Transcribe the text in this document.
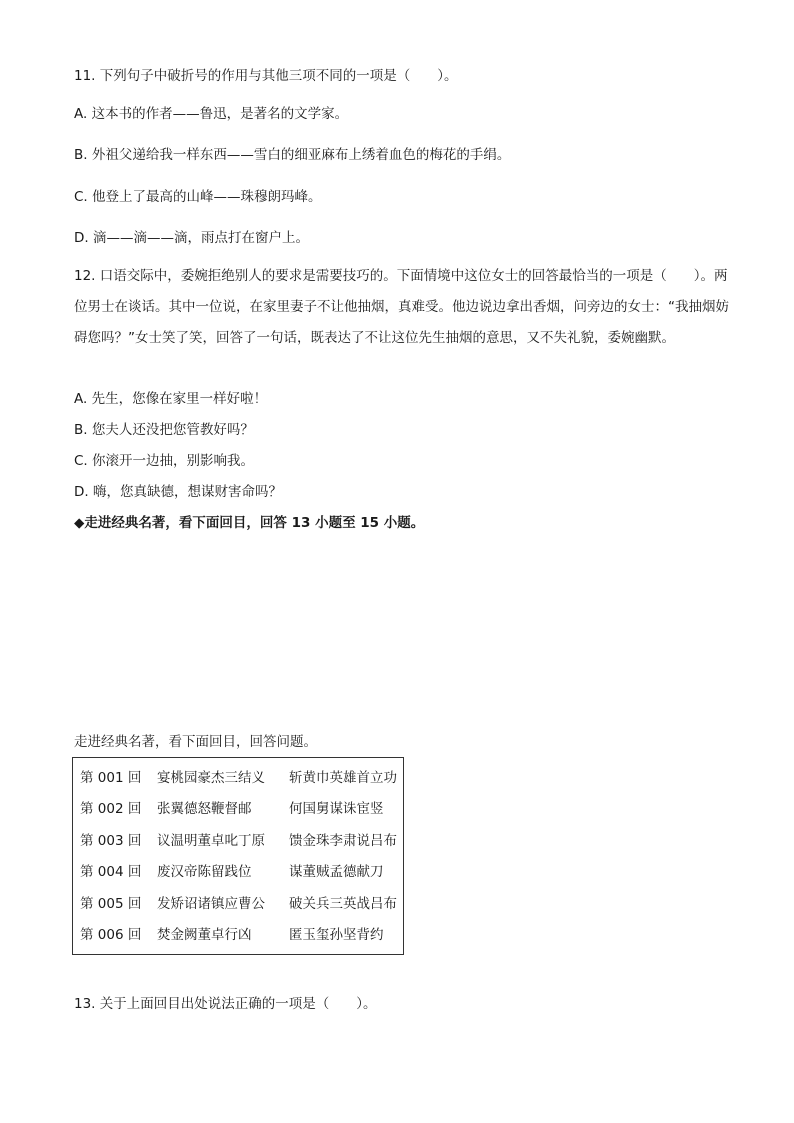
11. 下列句子中破折号的作用与其他三项不同的一项是（　　）。
A. 这本书的作者——鲁迅，是著名的文学家。
B. 外祖父递给我一样东西——雪白的细亚麻布上绣着血色的梅花的手绢。
C. 他登上了最高的山峰——珠穆朗玛峰。
D. 滴——滴——滴，雨点打在窗户上。
12. 口语交际中，委婉拒绝别人的要求是需要技巧的。下面情境中这位女士的回答最恰当的一项是（　　）。两位男士在谈话。其中一位说，在家里妻子不让他抽烟，真难受。他边说边拿出香烟，问旁边的女士：“我抽烟妨碍您吗？”女士笑了笑，回答了一句话，既表达了不让这位先生抽烟的意思，又不失礼貌，委婉幽默。
A. 先生，您像在家里一样好啦！
B. 您夫人还没把您管教好吗？
C. 你滚开一边抽，别影响我。
D. 嗨，您真缺德，想谋财害命吗？
◆走进经典名著，看下面回目，回答 13 小题至 15 小题。
走进经典名著，看下面回目，回答问题。
第 001 回 宴桃园豪杰三结义 斩黄巾英雄首立功
第 002 回 张翼德怒鞭督邮	何国舅谋诛宦竖
第 003 回 议温明董卓叱丁原 馈金珠李肃说吕布
第 004 回 废汉帝陈留践位	谋董贼孟德献刀
第 005 回 发矫诏诸镇应曹公 破关兵三英战吕布
第 006 回 焚金阙董卓行凶	匿玉玺孙坚背约
13. 关于上面回目出处说法正确的一项是（　　）。
